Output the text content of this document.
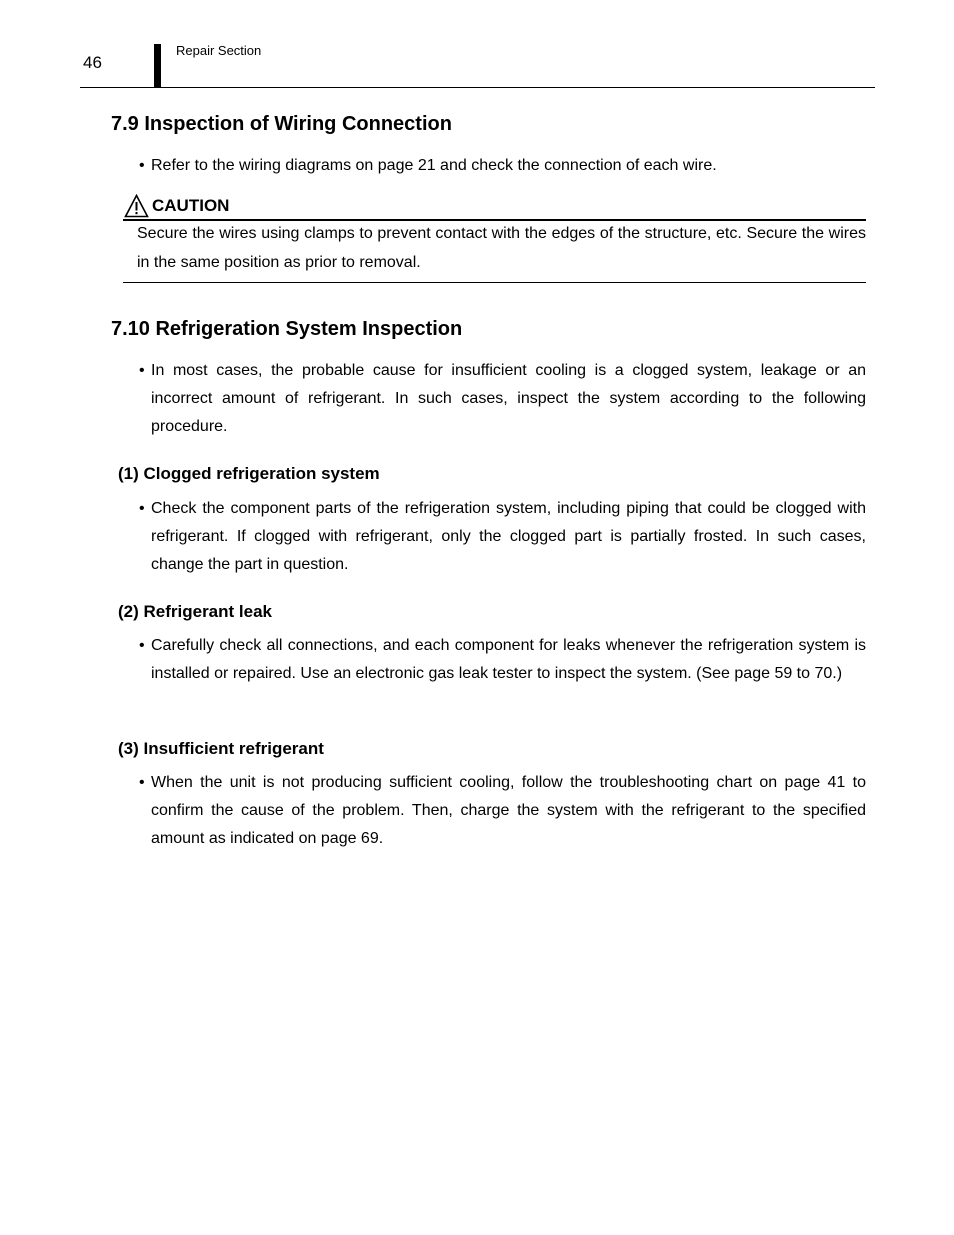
46
Repair Section
7.9 Inspection of Wiring Connection
• Refer to the wiring diagrams on page 21 and check the connection of each wire.
CAUTION
Secure the wires using clamps to prevent contact with the edges of the structure, etc. Secure the wires in the same position as prior to removal.
7.10 Refrigeration System Inspection
• In most cases, the probable cause for insufficient cooling is a clogged system, leakage or an incorrect amount of refrigerant. In such cases, inspect the system according to the following procedure.
(1) Clogged refrigeration system
• Check the component parts of the refrigeration system, including piping that could be clogged with refrigerant. If clogged with refrigerant, only the clogged part is partially frosted. In such cases, change the part in question.
(2) Refrigerant leak
• Carefully check all connections, and each component for leaks whenever the refrigeration system is installed or repaired. Use an electronic gas leak tester to inspect the system. (See page 59 to 70.)
(3) Insufficient refrigerant
• When the unit is not producing sufficient cooling, follow the troubleshooting chart on page 41 to confirm the cause of the problem. Then, charge the system with the refrigerant to the specified amount as indicated on page 69.
